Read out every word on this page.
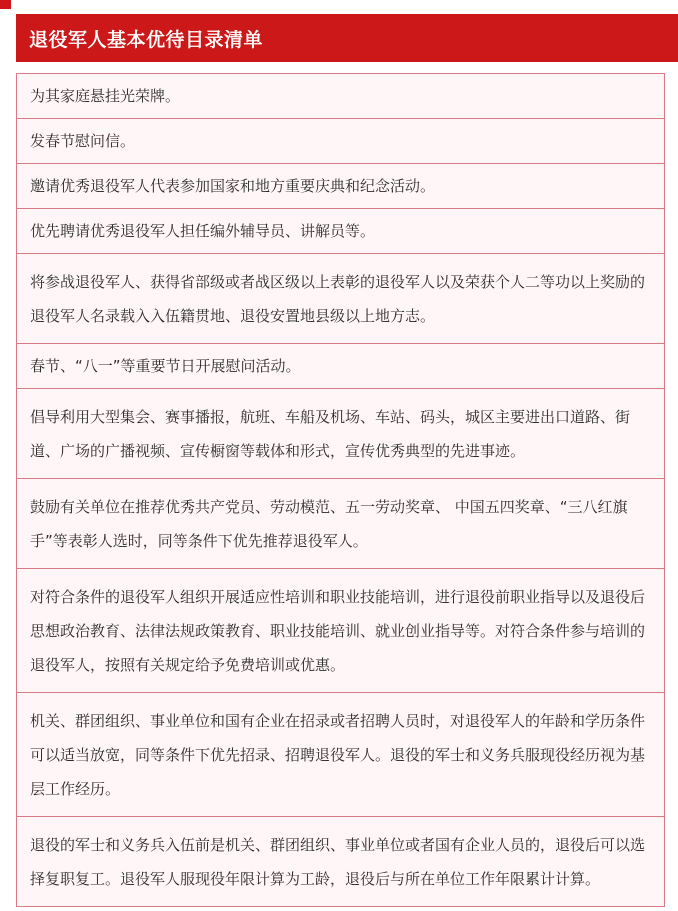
退役军人基本优待目录清单
为其家庭悬挂光荣牌。
发春节慰问信。
邀请优秀退役军人代表参加国家和地方重要庆典和纪念活动。
优先聘请优秀退役军人担任编外辅导员、讲解员等。
将参战退役军人、获得省部级或者战区级以上表彰的退役军人以及荣获个人二等功以上奖励的退役军人名录载入入伍籍贯地、退役安置地县级以上地方志。
春节、“八一”等重要节日开展慰问活动。
倡导利用大型集会、赛事播报，航班、车船及机场、车站、码头，城区主要进出口道路、街道、广场的广播视频、宣传橱窗等载体和形式，宣传优秀典型的先进事迹。
鼓励有关单位在推荐优秀共产党员、劳动模范、五一劳动奖章、 中国五四奖章、“三八红旗手”等表彰人选时，同等条件下优先推荐退役军人。
对符合条件的退役军人组织开展适应性培训和职业技能培训，进行退役前职业指导以及退役后思想政治教育、法律法规政策教育、职业技能培训、就业创业指导等。对符合条件参与培训的退役军人，按照有关规定给予免费培训或优惠。
机关、群团组织、事业单位和国有企业在招录或者招聘人员时，对退役军人的年龄和学历条件可以适当放宽，同等条件下优先招录、招聘退役军人。退役的军士和义务兵服现役经历视为基层工作经历。
退役的军士和义务兵入伍前是机关、群团组织、事业单位或者国有企业人员的，退役后可以选择复职复工。退役军人服现役年限计算为工龄，退役后与所在单位工作年限累计计算。
